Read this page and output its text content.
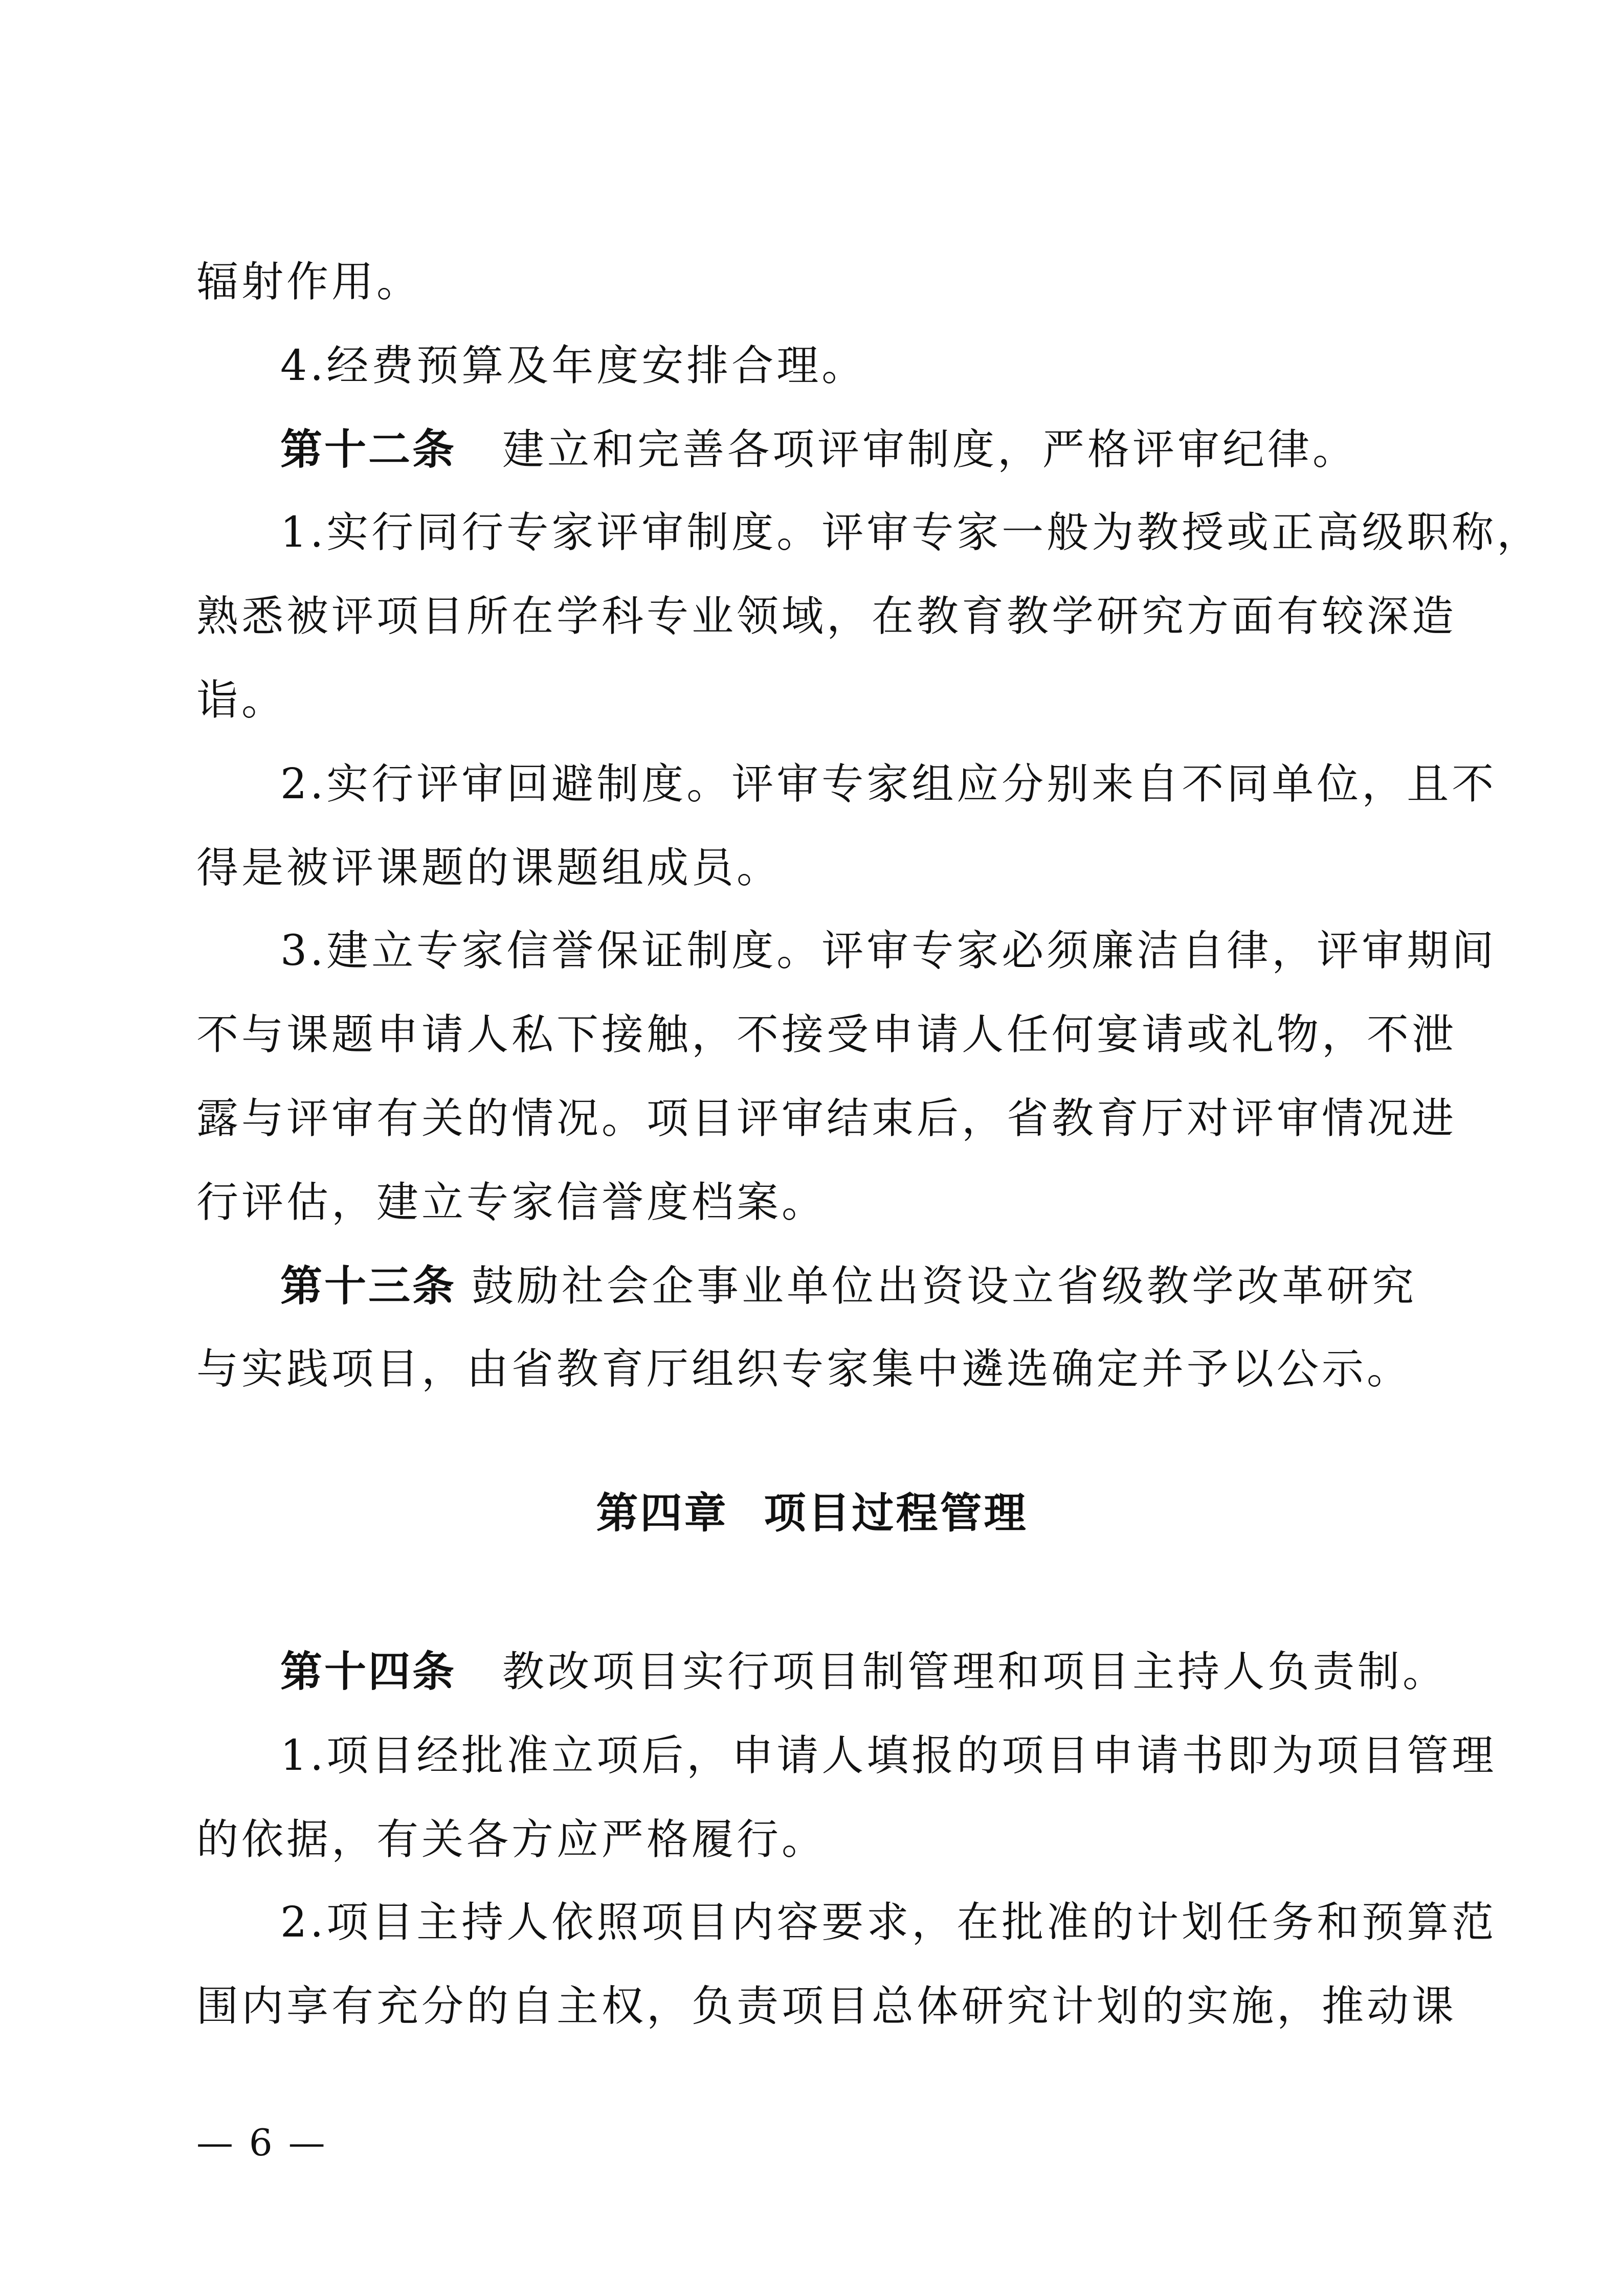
辐射作用。
4.经费预算及年度安排合理。
第十二条 建立和完善各项评审制度，严格评审纪律。
1.实行同行专家评审制度。评审专家一般为教授或正高级职称，
熟悉被评项目所在学科专业领域，在教育教学研究方面有较深造
诣。
2.实行评审回避制度。评审专家组应分别来自不同单位，且不
得是被评课题的课题组成员。
3.建立专家信誉保证制度。评审专家必须廉洁自律，评审期间
不与课题申请人私下接触，不接受申请人任何宴请或礼物，不泄
露与评审有关的情况。项目评审结束后，省教育厅对评审情况进
行评估，建立专家信誉度档案。
第十三条 鼓励社会企事业单位出资设立省级教学改革研究
与实践项目，由省教育厅组织专家集中遴选确定并予以公示。
第四章 项目过程管理
第十四条 教改项目实行项目制管理和项目主持人负责制。
1.项目经批准立项后，申请人填报的项目申请书即为项目管理
的依据，有关各方应严格履行。
2.项目主持人依照项目内容要求，在批准的计划任务和预算范
围内享有充分的自主权，负责项目总体研究计划的实施，推动课
— 6 —
